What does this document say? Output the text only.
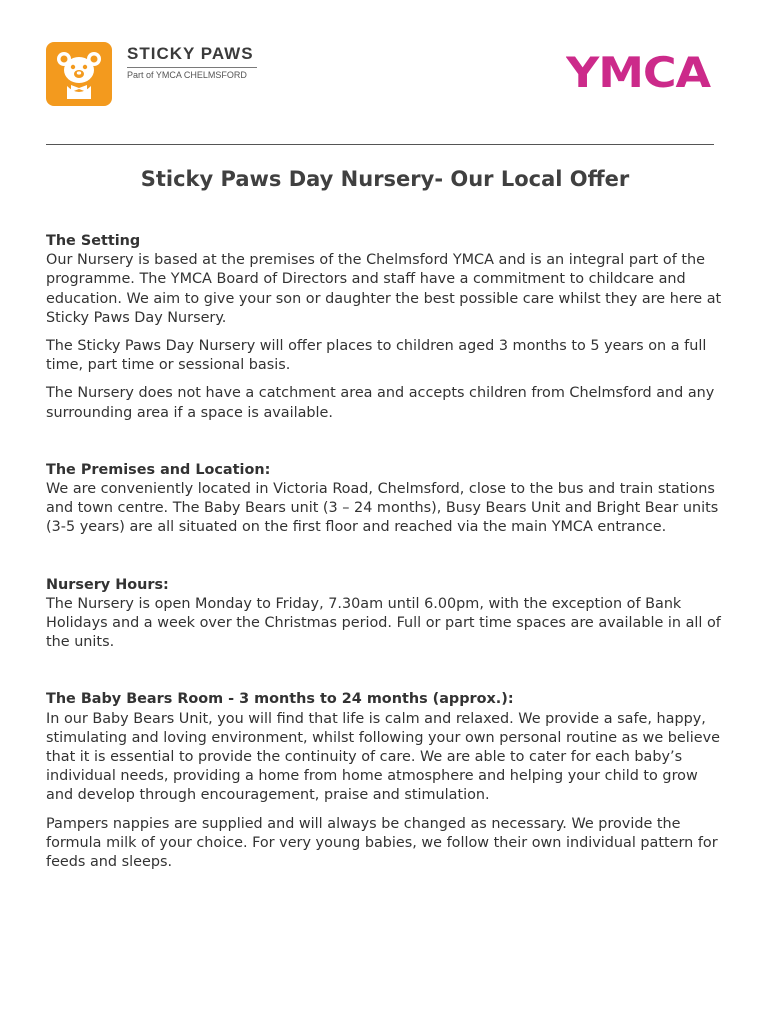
STICKY PAWS
Part of YMCA CHELMSFORD	YMCA
Sticky Paws Day Nursery- Our Local Offer
The Setting

Our Nursery is based at the premises of the Chelmsford YMCA and is an integral part of the programme. The YMCA Board of Directors and staff have a commitment to childcare and education. We aim to give your son or daughter the best possible care whilst they are here at Sticky Paws Day Nursery.

The Sticky Paws Day Nursery will offer places to children aged 3 months to 5 years on a full time, part time or sessional basis.

The Nursery does not have a catchment area and accepts children from Chelmsford and any surrounding area if a space is available.

The Premises and Location:

We are conveniently located in Victoria Road, Chelmsford, close to the bus and train stations and town centre. The Baby Bears unit (3 – 24 months), Busy Bears Unit and Bright Bear units (3-5 years) are all situated on the first floor and reached via the main YMCA entrance.

Nursery Hours:

The Nursery is open Monday to Friday, 7.30am until 6.00pm, with the exception of Bank Holidays and a week over the Christmas period. Full or part time spaces are available in all of the units.

The Baby Bears Room - 3 months to 24 months (approx.):

In our Baby Bears Unit, you will find that life is calm and relaxed. We provide a safe, happy, stimulating and loving environment, whilst following your own personal routine as we believe that it is essential to provide the continuity of care. We are able to cater for each baby’s individual needs, providing a home from home atmosphere and helping your child to grow and develop through encouragement, praise and stimulation.

Pampers nappies are supplied and will always be changed as necessary. We provide the formula milk of your choice. For very young babies, we follow their own individual pattern for feeds and sleeps.
